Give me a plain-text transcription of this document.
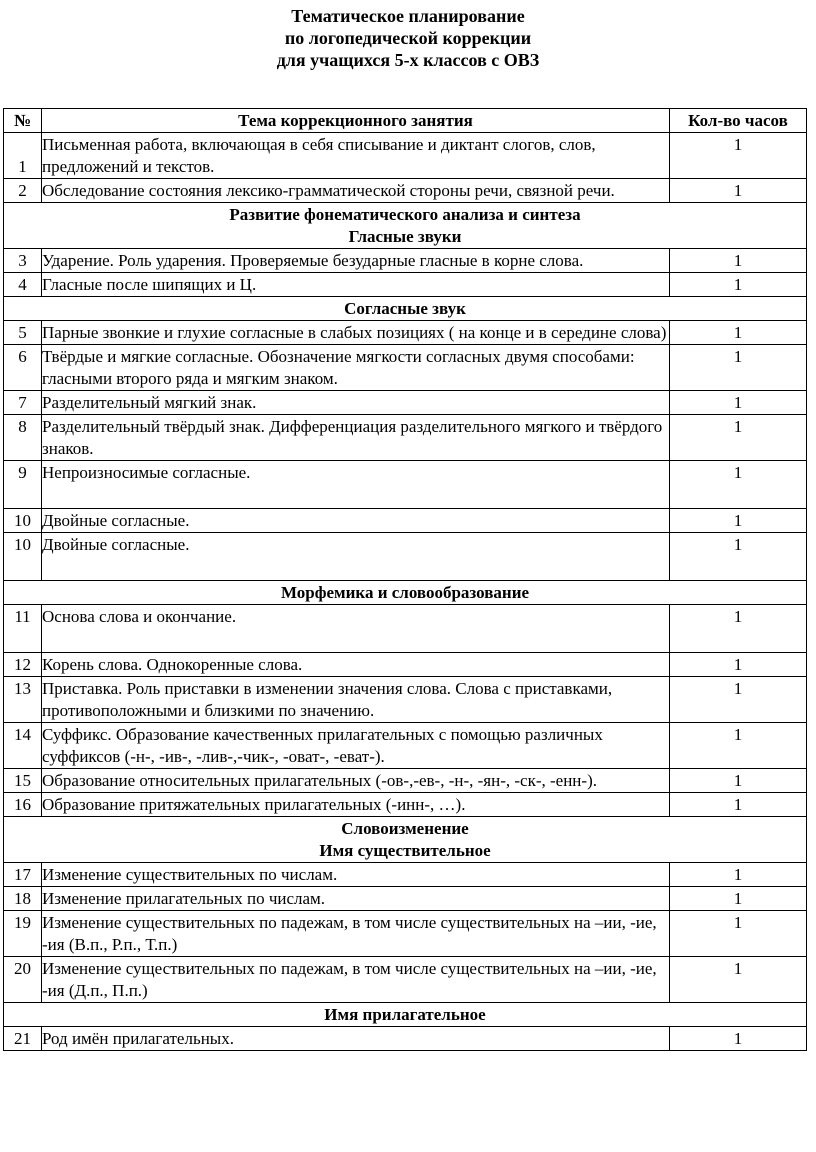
Тематическое планирование
по логопедической коррекции
для учащихся 5-х классов с ОВЗ
№	Тема коррекционного занятия	Кол-во часов
1	Письменная работа, включающая в себя списывание и диктант слогов, слов, предложений и текстов.	1
2	Обследование состояния лексико-грамматической стороны речи, связной речи.	1

Развитие фонематического анализа и синтеза
Гласные звуки		

3	Ударение. Роль ударения. Проверяемые безударные гласные в корне слова.	1
4	Гласные после шипящих и Ц.	1
Согласные звук		
5	Парные звонкие и глухие согласные в слабых позициях ( на конце и в середине слова)	1
6	Твёрдые и мягкие согласные. Обозначение мягкости согласных двумя способами: гласными второго ряда и мягким знаком.	1
7	Разделительный мягкий знак.	1
8	Разделительный твёрдый знак. Дифференциация разделительного мягкого и твёрдого знаков.	1
9	Непроизносимые согласные.	1
10	Двойные согласные.	1
10	Двойные согласные.	1
Морфемика и словообразование		
11	Основа слова и окончание.	1
12	Корень слова. Однокоренные слова.	1
13	Приставка. Роль приставки в изменении значения слова. Слова с приставками, противоположными и близкими по значению.	1
14	Суффикс. Образование качественных прилагательных с помощью различных суффиксов (-н-, -ив-, -лив-,-чик-, -оват-, -еват-).	1
15	Образование относительных прилагательных (-ов-,-ев-, -н-, -ян-, -ск-, -енн-).	1
16	Образование притяжательных прилагательных (-инн-, …).	1

Словоизменение
Имя существительное		

17	Изменение существительных по числам.	1
18	Изменение прилагательных по числам.	1
19	Изменение существительных по падежам, в том числе существительных на –ии, -ие, -ия (В.п., Р.п., Т.п.)	1
20	Изменение существительных по падежам, в том числе существительных на –ии, -ие, -ия (Д.п., П.п.)	1
Имя прилагательное		
21	Род имён прилагательных.	1
